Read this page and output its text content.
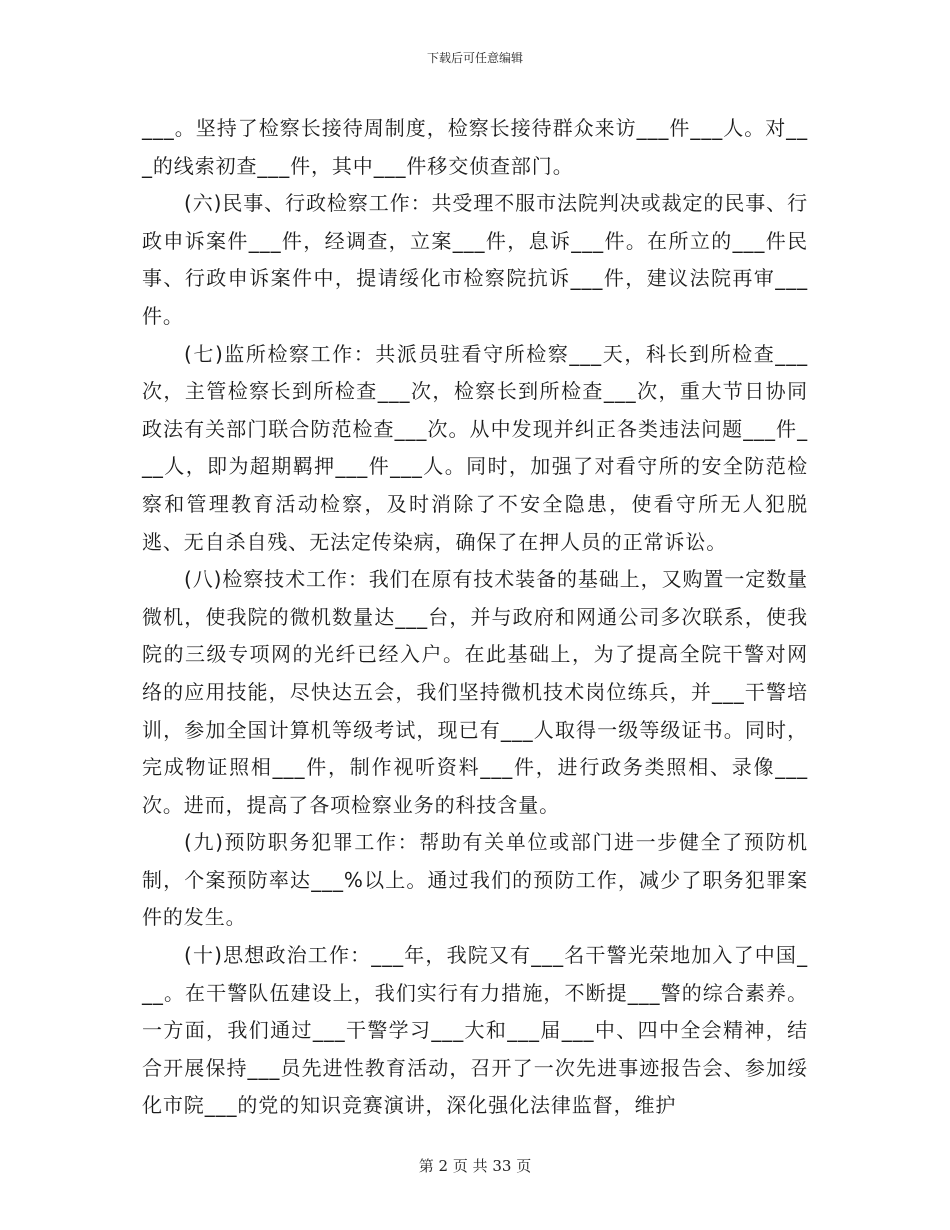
下载后可任意编辑

___。坚持了检察长接待周制度，检察长接待群众来访___件___人。对___的线索初查___件，其中___件移交侦查部门。

(六)民事、行政检察工作：共受理不服市法院判决或裁定的民事、行政申诉案件___件，经调查，立案___件，息诉___件。在所立的___件民事、行政申诉案件中，提请绥化市检察院抗诉___件，建议法院再审___件。

(七)监所检察工作：共派员驻看守所检察___天，科长到所检查___次，主管检察长到所检查___次，检察长到所检查___次，重大节日协同政法有关部门联合防范检查___次。从中发现并纠正各类违法问题___件___人，即为超期羁押___件___人。同时，加强了对看守所的安全防范检察和管理教育活动检察，及时消除了不安全隐患，使看守所无人犯脱逃、无自杀自残、无法定传染病，确保了在押人员的正常诉讼。

(八)检察技术工作：我们在原有技术装备的基础上，又购置一定数量微机，使我院的微机数量达___台，并与政府和网通公司多次联系，使我院的三级专项网的光纤已经入户。在此基础上，为了提高全院干警对网络的应用技能，尽快达五会，我们坚持微机技术岗位练兵，并___干警培训，参加全国计算机等级考试，现已有___人取得一级等级证书。同时，完成物证照相___件，制作视听资料___件，进行政务类照相、录像___次。进而，提高了各项检察业务的科技含量。

(九)预防职务犯罪工作：帮助有关单位或部门进一步健全了预防机制，个案预防率达___%以上。通过我们的预防工作，减少了职务犯罪案件的发生。

(十)思想政治工作：___年，我院又有___名干警光荣地加入了中国___。在干警队伍建设上，我们实行有力措施，不断提___警的综合素养。一方面，我们通过___干警学习___大和___届___中、四中全会精神，结合开展保持___员先进性教育活动，召开了一次先进事迹报告会、参加绥化市院___的党的知识竞赛演讲，深化强化法律监督，维护

第 2 页 共 33 页
